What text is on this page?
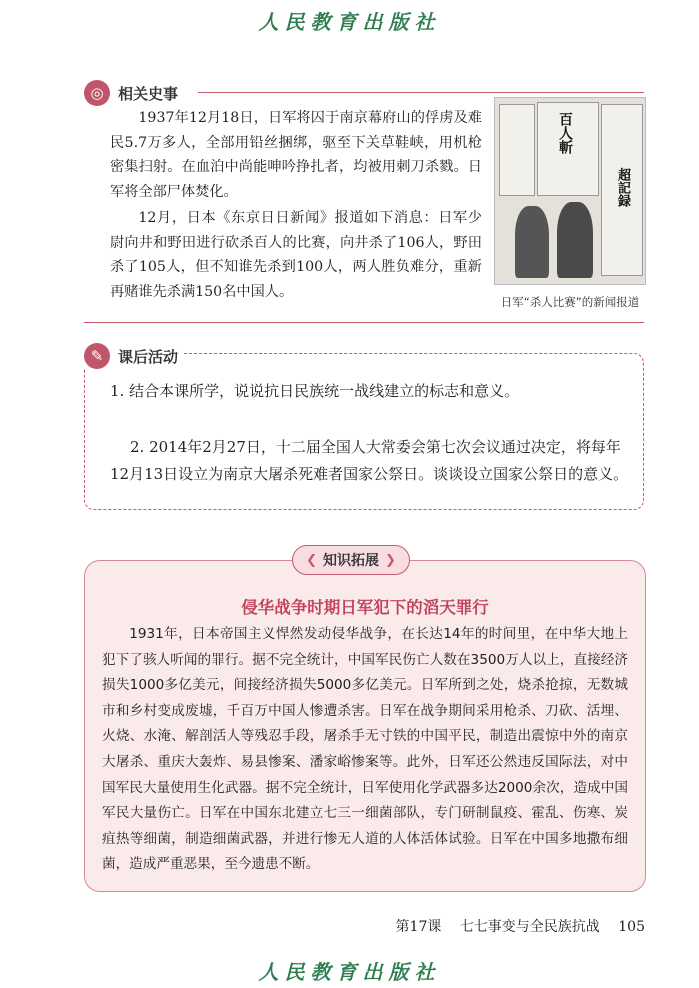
人民教育出版社
◎ 相关史事

1937年12月18日，日军将囚于南京幕府山的俘虏及难民5.7万多人，全部用铅丝捆绑，驱至下关草鞋峡，用机枪密集扫射。在血泊中尚能呻吟挣扎者，均被用刺刀杀戮。日军将全部尸体焚化。

12月，日本《东京日日新闻》报道如下消息：日军少尉向井和野田进行砍杀百人的比赛，向井杀了106人，野田杀了105人，但不知谁先杀到100人，两人胜负难分，重新再赌谁先杀满150名中国人。

百人斬
超記録
日军“杀人比赛”的新闻报道
✎ 课后活动
1. 结合本课所学，说说抗日民族统一战线建立的标志和意义。
2. 2014年2月27日，十二届全国人大常委会第七次会议通过决定，将每年12月13日设立为南京大屠杀死难者国家公祭日。谈谈设立国家公祭日的意义。
❮ 知识拓展 ❯
侵华战争时期日军犯下的滔天罪行

1931年，日本帝国主义悍然发动侵华战争，在长达14年的时间里，在中华大地上犯下了骇人听闻的罪行。据不完全统计，中国军民伤亡人数在3500万人以上，直接经济损失1000多亿美元，间接经济损失5000多亿美元。日军所到之处，烧杀抢掠，无数城市和乡村变成废墟，千百万中国人惨遭杀害。日军在战争期间采用枪杀、刀砍、活埋、火烧、水淹、解剖活人等残忍手段，屠杀手无寸铁的中国平民，制造出震惊中外的南京大屠杀、重庆大轰炸、易县惨案、潘家峪惨案等。此外，日军还公然违反国际法，对中国军民大量使用生化武器。据不完全统计，日军使用化学武器多达2000余次，造成中国军民大量伤亡。日军在中国东北建立七三一细菌部队，专门研制鼠疫、霍乱、伤寒、炭疽热等细菌，制造细菌武器，并进行惨无人道的人体活体试验。日军在中国多地撒布细菌，造成严重恶果，至今遗患不断。

第17课 七七事变与全民族抗战 105
人民教育出版社
